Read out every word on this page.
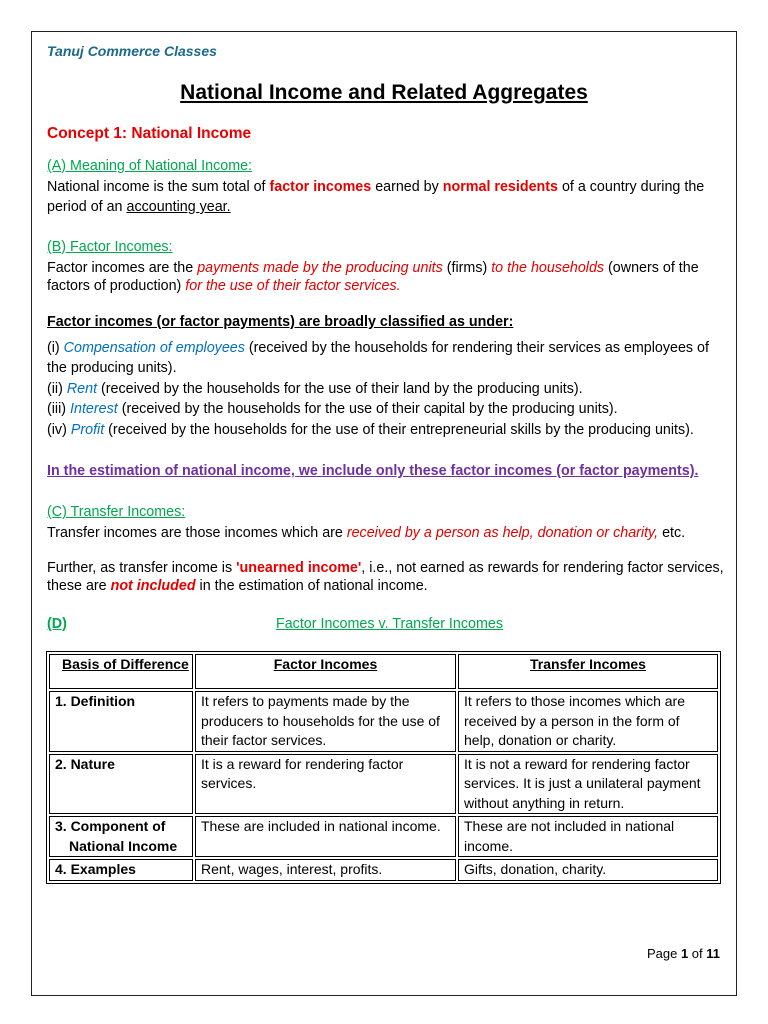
Tanuj Commerce Classes
National Income and Related Aggregates
Concept 1: National Income
(A) Meaning of National Income:
National income is the sum total of factor incomes earned by normal residents of a country during the
period of an accounting year.
(B) Factor Incomes:
Factor incomes are the payments made by the producing units (firms) to the households (owners of the
factors of production) for the use of their factor services.
Factor incomes (or factor payments) are broadly classified as under:
(i) Compensation of employees (received by the households for rendering their services as employees of
the producing units).
(ii) Rent (received by the households for the use of their land by the producing units).
(iii) Interest (received by the households for the use of their capital by the producing units).
(iv) Profit (received by the households for the use of their entrepreneurial skills by the producing units).
In the estimation of national income, we include only these factor incomes (or factor payments).
(C) Transfer Incomes:
Transfer incomes are those incomes which are received by a person as help, donation or charity, etc.
Further, as transfer income is 'unearned income', i.e., not earned as rewards for rendering factor services,
these are not included in the estimation of national income.
(D)	Factor Incomes v. Transfer Incomes
Basis of Difference	Factor Incomes	Transfer Incomes

1. Definition	It refers to payments made by the
producers to households for the use of
their factor services.	It refers to those incomes which are
received by a person in the form of
help, donation or charity.

2. Nature	It is a reward for rendering factor
services.	It is not a reward for rendering factor
services. It is just a unilateral payment
without anything in return.

3. Component of
National Income	These are included in national income.	These are not included in national
income.

4. Examples	Rent, wages, interest, profits.	Gifts, donation, charity.
Page 1 of 11
